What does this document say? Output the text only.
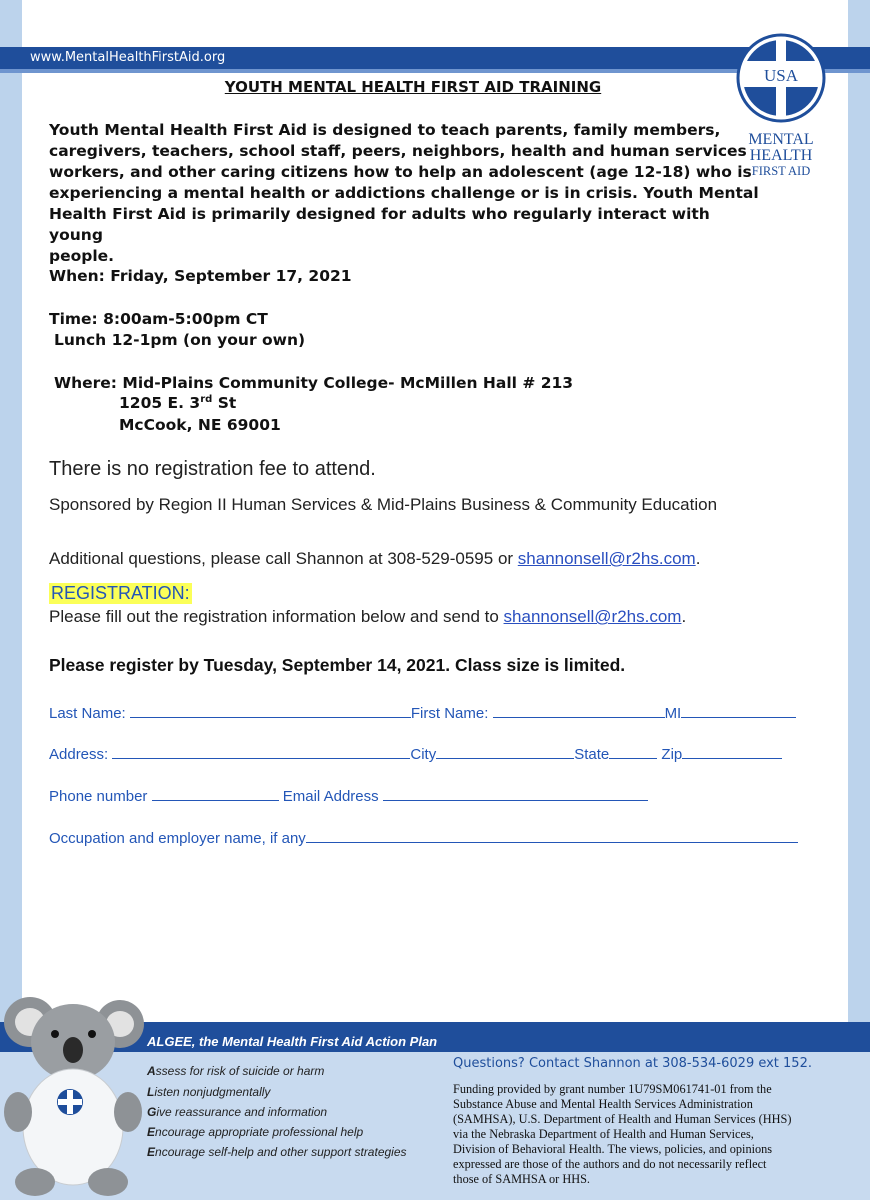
www.MentalHealthFirstAid.org
USA
MENTAL
HEALTH
FIRST AID
YOUTH MENTAL HEALTH FIRST AID TRAINING
Youth Mental Health First Aid is designed to teach parents, family members,
caregivers, teachers, school staff, peers, neighbors, health and human services
workers, and other caring citizens how to help an adolescent (age 12-18) who is
experiencing a mental health or addictions challenge or is in crisis. Youth Mental
Health First Aid is primarily designed for adults who regularly interact with young
people.
When: Friday, September 17, 2021
Time: 8:00am-5:00pm CT
Lunch 12-1pm (on your own)
Where: Mid-Plains Community College- McMillen Hall # 213
1205 E. 3rd St
McCook, NE 69001
There is no registration fee to attend.
Sponsored by Region II Human Services & Mid-Plains Business & Community Education
Additional questions, please call Shannon at 308-529-0595 or shannonsell@r2hs.com.
REGISTRATION:
Please fill out the registration information below and send to shannonsell@r2hs.com.
Please register by Tuesday, September 14, 2021. Class size is limited.
Last Name:	First Name:	MI
Address:	City	State	Zip
Phone number	Email Address
Occupation and employer name, if any
ALGEE, the Mental Health First Aid Action Plan
Assess for risk of suicide or harm
Listen nonjudgmentally
Give reassurance and information
Encourage appropriate professional help
Encourage self-help and other support strategies
Questions? Contact Shannon at 308-534-6029 ext 152.
Funding provided by grant number 1U79SM061741-01 from the
Substance Abuse and Mental Health Services Administration
(SAMHSA), U.S. Department of Health and Human Services (HHS)
via the Nebraska Department of Health and Human Services,
Division of Behavioral Health. The views, policies, and opinions
expressed are those of the authors and do not necessarily reflect
those of SAMHSA or HHS.
